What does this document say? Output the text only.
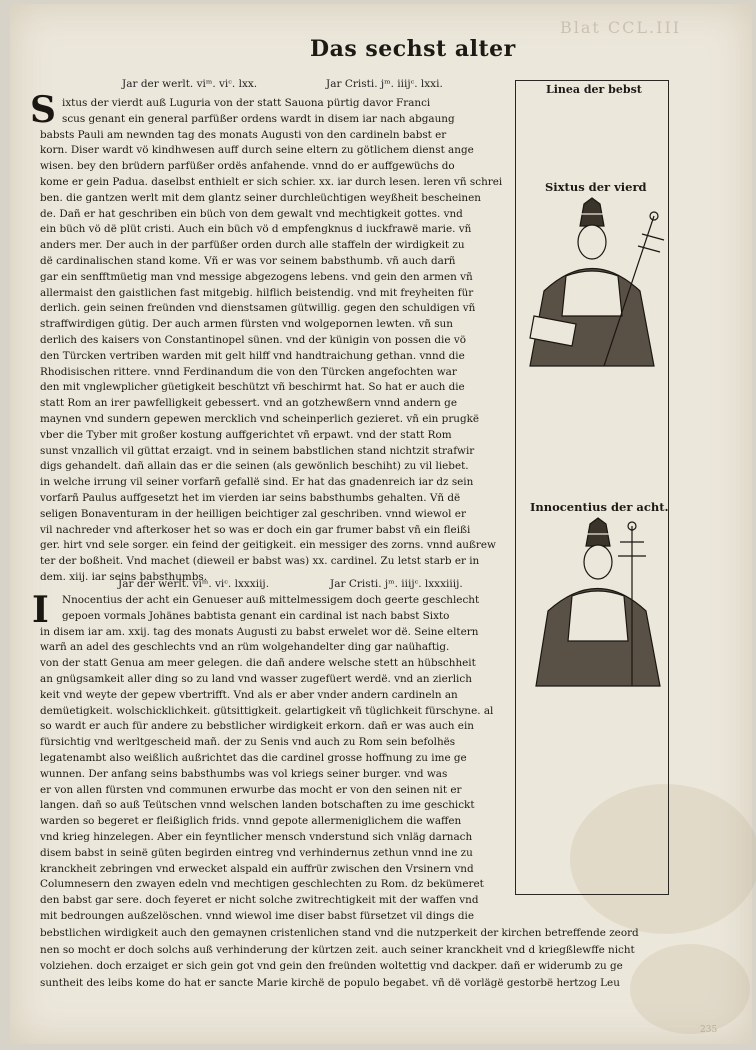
Blat CCL.III
Das sechst alter
Jar der werlt. viᵐ. viᶜ. lxx.	Jar Cristi. jᵐ. iiijᶜ. lxxi.
S ixtus der vierdt auß Luguria von der statt Sauona pürtig davor Franci
scus genant ein general parfüßer ordens wardt in disem iar nach abgaung
babsts Pauli am newnden tag des monats Augusti von den cardineln babst er
korn. Diser wardt vö kindhwesen auff durch seine eltern zu götlichem dienst ange
wisen. bey den brüdern parfüßer ordës anfahende. vnnd do er auffgewüchs do
kome er gein Padua. daselbst enthielt er sich schier. xx. iar durch lesen. leren vñ schrei
ben. die gantzen werlt mit dem glantz seiner durchleüchtigen weyßheit bescheinen
de. Dañ er hat geschriben ein büch von dem gewalt vnd mechtigkeit gottes. vnd
ein büch vö dë plüt cristi. Auch ein büch vö d empfengknus d iuckfrawë marie. vñ
anders mer. Der auch in der parfüßer orden durch alle staffeln der wirdigkeit zu
dë cardinalischen stand kome. Vñ er was vor seinem babsthumb. vñ auch darñ
gar ein senfftmüetig man vnd messige abgezogens lebens. vnd gein den armen vñ
allermaist den gaistlichen fast mitgebig. hilflich beistendig. vnd mit freyheiten für
derlich. gein seinen freünden vnd dienstsamen gütwillig. gegen den schuldigen vñ
straffwirdigen gütig. Der auch armen fürsten vnd wolgepornen lewten. vñ sun
derlich des kaisers von Constantinopel sünen. vnd der künigin von possen die vö
den Türcken vertriben warden mit gelt hilff vnd handtraichung gethan. vnnd die
Rhodisischen rittere. vnnd Ferdinandum die von den Türcken angefochten war
den mit vnglewplicher güetigkeit beschützt vñ beschirmt hat. So hat er auch die
statt Rom an irer pawfelligkeit gebessert. vnd an gotzhewßern vnnd andern ge
maynen vnd sundern gepewen mercklich vnd scheinperlich gezieret. vñ ein prugkë
vber die Tyber mit großer kostung auffgerichtet vñ erpawt. vnd der statt Rom
sunst vnzallich vil güttat erzaigt. vnd in seinem babstlichen stand nichtzit strafwir
digs gehandelt. dañ allain das er die seinen (als gewönlich beschiht) zu vil liebet.
in welche irrung vil seiner vorfarñ gefallë sind. Er hat das gnadenreich iar dz sein
vorfarñ Paulus auffgesetzt het im vierden iar seins babsthumbs gehalten. Vñ dë
seligen Bonaventuram in der heilligen beichtiger zal geschriben. vnnd wiewol er
vil nachreder vnd afterkoser het so was er doch ein gar frumer babst vñ ein fleißi
ger. hirt vnd sele sorger. ein feind der geitigkeit. ein messiger des zorns. vnnd außrew
ter der boßheit. Vnd machet (dieweil er babst was) xx. cardinel. Zu letst starb er in
dem. xiij. iar seins babsthumbs.
Jar der werlt. viᵐ. viᶜ. lxxxiij.	Jar Cristi. jᵐ. iiijᶜ. lxxxiiij.
I	Nnocentius der acht ein Genueser auß mittelmessigem doch geerte geschlecht
gepoen vormals Johänes babtista genant ein cardinal ist nach babst Sixto
in disem iar am. xxij. tag des monats Augusti zu babst erwelet wor dë. Seine eltern
warñ an adel des geschlechts vnd an rüm wolgehandelter ding gar naühaftig.
von der statt Genua am meer gelegen. die dañ andere welsche stett an hübschheit
an gnügsamkeit aller ding so zu land vnd wasser zugefüert werdë. vnd an zierlich
keit vnd weyte der gepew vbertrifft. Vnd als er aber vnder andern cardineln an
demüetigkeit. wolschicklichkeit. gütsittigkeit. gelartigkeit vñ tüglichkeit fürschyne. al
so wardt er auch für andere zu bebstlicher wirdigkeit erkorn. dañ er was auch ein
fürsichtig vnd werltgescheid mañ. der zu Senis vnd auch zu Rom sein befolhës
legatenambt also weißlich außrichtet das die cardinel grosse hoffnung zu ime ge
wunnen. Der anfang seins babsthumbs was vol kriegs seiner burger. vnd was
er von allen fürsten vnd communen erwurbe das mocht er von den seinen nit er
langen. dañ so auß Teütschen vnnd welschen landen botschaften zu ime geschickt
warden so begeret er fleißiglich frids. vnnd gepote allermeniglichem die waffen
vnd krieg hinzelegen. Aber ein feyntlicher mensch vnderstund sich vnläg darnach
disem babst in seinë güten begirden eintreg vnd verhindernus zethun vnnd ine zu
kranckheit zebringen vnd erwecket alspald ein auffrür zwischen den Vrsinern vnd
Columnesern den zwayen edeln vnd mechtigen geschlechten zu Rom. dz bekümeret
den babst gar sere. doch feyeret er nicht solche zwitrechtigkeit mit der waffen vnd
mit bedroungen außzelöschen. vnnd wiewol ime diser babst fürsetzet vil dings die
bebstlichen wirdigkeit auch den gemaynen cristenlichen stand vnd die nutzperkeit der kirchen betreffende zeord
nen so mocht er doch solchs auß verhinderung der kürtzen zeit. auch seiner kranckheit vnd d kriegßlewffe nicht
volziehen. doch erzaiget er sich gein got vnd gein den freünden woltettig vnd dackper. dañ er widerumb zu ge
suntheit des leibs kome do hat er sancte Marie kirchë de populo begabet. vñ dë vorlägë gestorbë hertzog Leu
Linea der bebst
Sixtus der vierd
Innocentius der acht.
235
